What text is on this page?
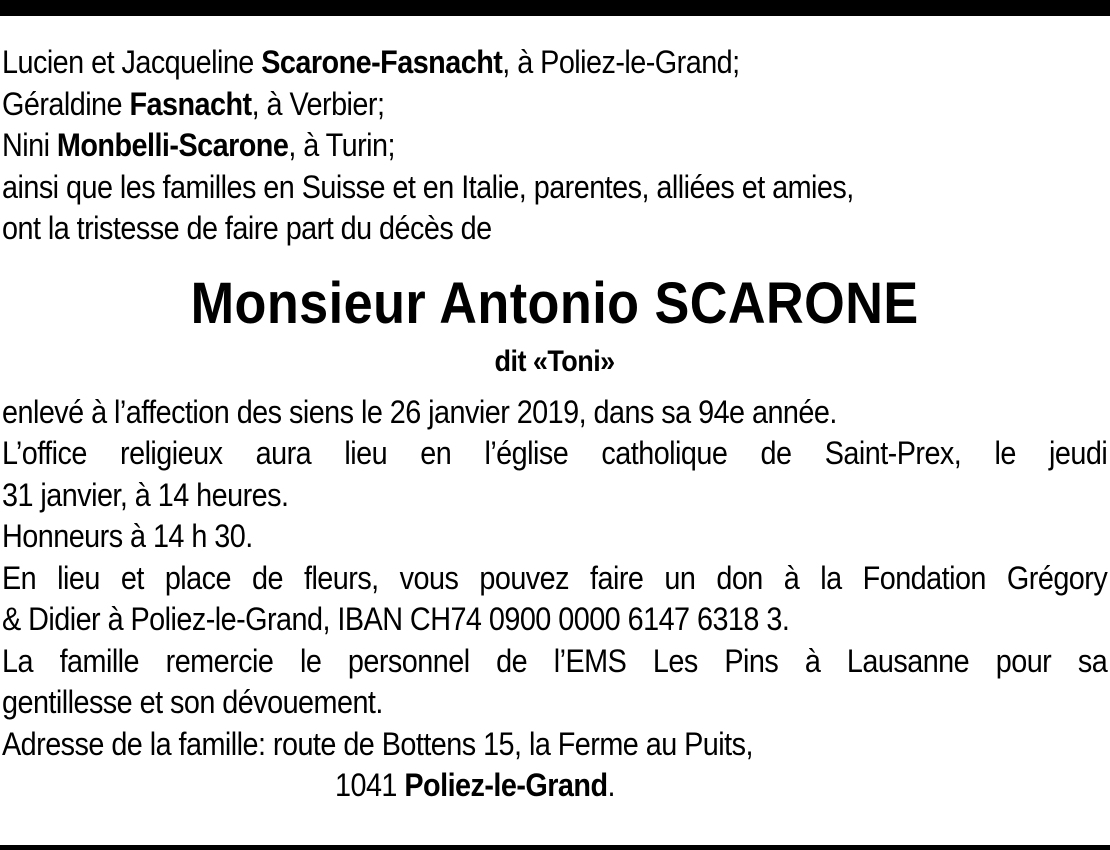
Lucien et Jacqueline Scarone-Fasnacht, à Poliez-le-Grand;
Géraldine Fasnacht, à Verbier;
Nini Monbelli-Scarone, à Turin;
ainsi que les familles en Suisse et en Italie, parentes, alliées et amies,
ont la tristesse de faire part du décès de
Monsieur Antonio SCARONE
dit «Toni»
enlevé à l’affection des siens le 26 janvier 2019, dans sa 94e année.
L’office religieux aura lieu en l’église catholique de Saint-Prex, le jeudi
31 janvier, à 14 heures.
Honneurs à 14 h 30.
En lieu et place de fleurs, vous pouvez faire un don à la Fondation Grégory
& Didier à Poliez-le-Grand, IBAN CH74 0900 0000 6147 6318 3.
La famille remercie le personnel de l’EMS Les Pins à Lausanne pour sa
gentillesse et son dévouement.
Adresse de la famille: route de Bottens 15, la Ferme au Puits,
1041 Poliez-le-Grand.
